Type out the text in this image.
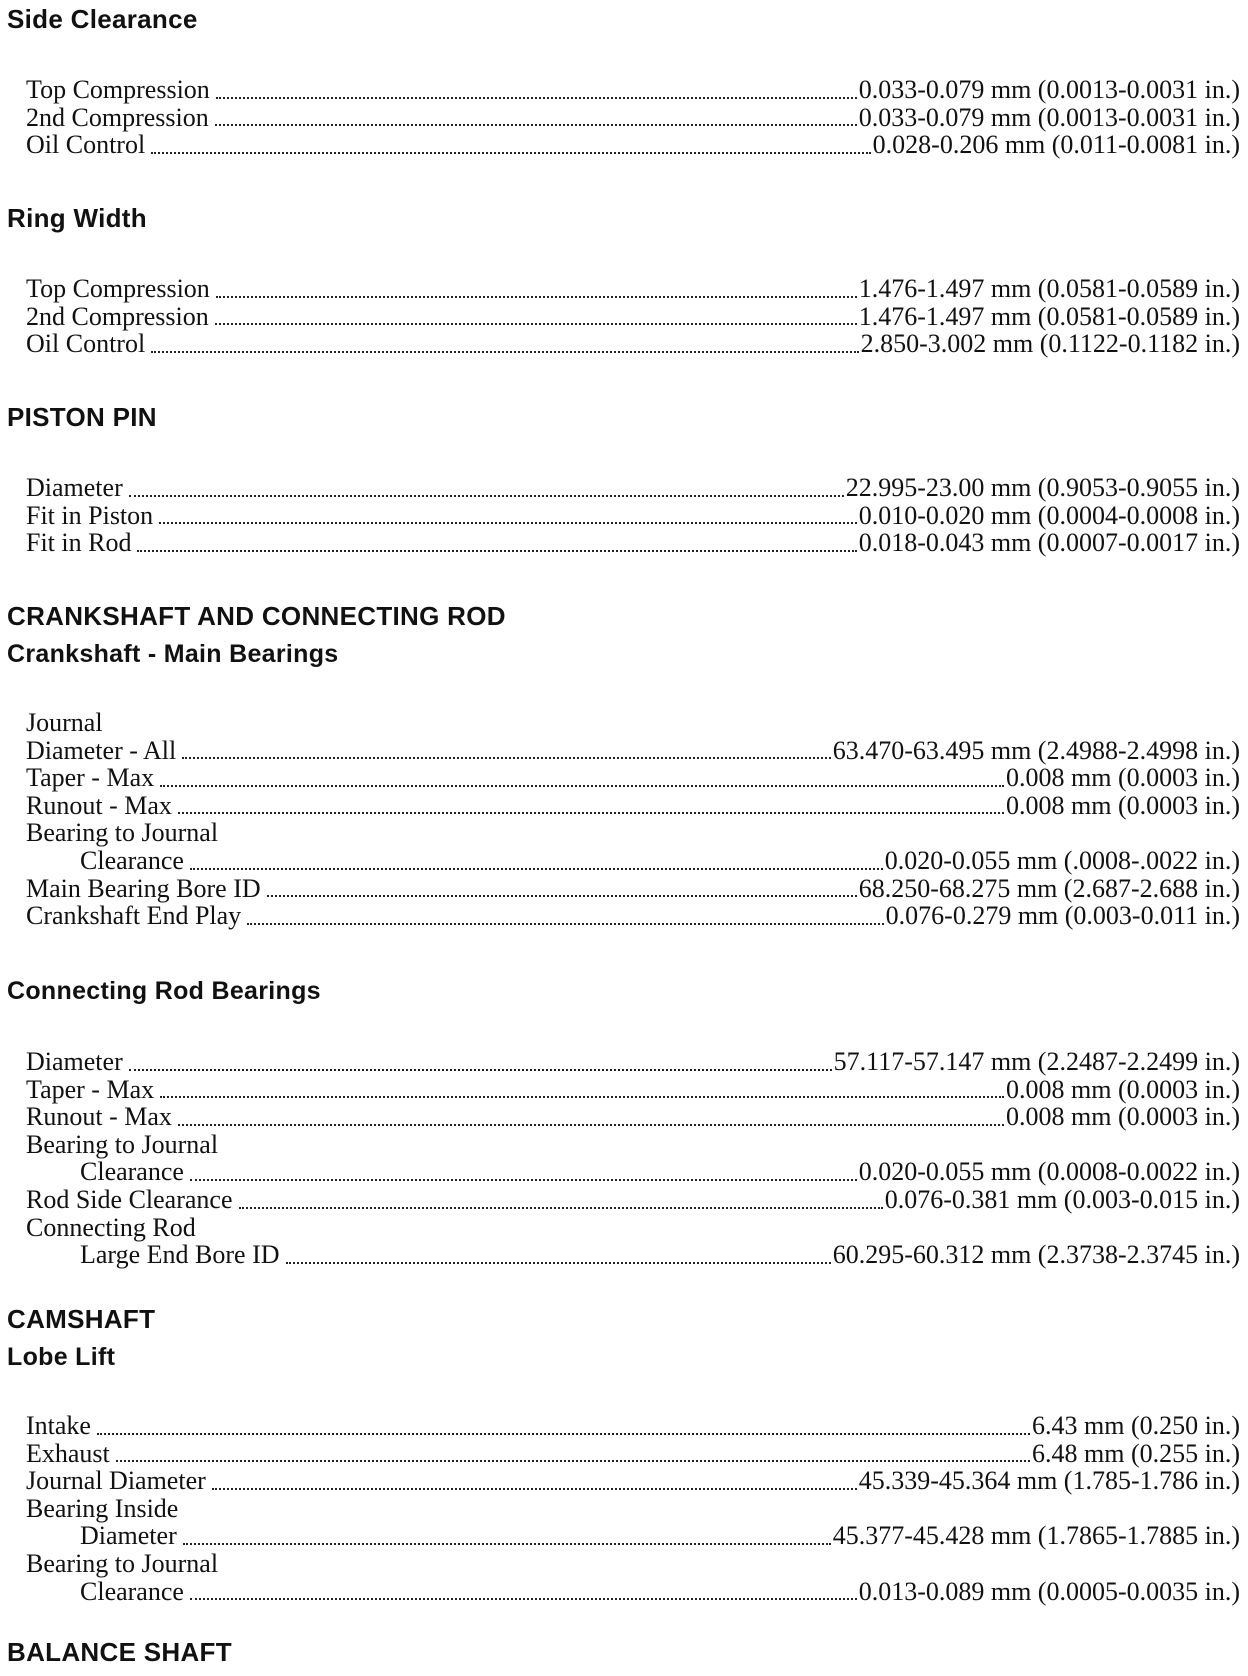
Side Clearance
Top Compression	0.033-0.079 mm (0.0013-0.0031 in.)
2nd Compression	0.033-0.079 mm (0.0013-0.0031 in.)
Oil Control	0.028-0.206 mm (0.011-0.0081 in.)
Ring Width
Top Compression	1.476-1.497 mm (0.0581-0.0589 in.)
2nd Compression	1.476-1.497 mm (0.0581-0.0589 in.)
Oil Control	2.850-3.002 mm (0.1122-0.1182 in.)
PISTON PIN
Diameter	22.995-23.00 mm (0.9053-0.9055 in.)
Fit in Piston	0.010-0.020 mm (0.0004-0.0008 in.)
Fit in Rod	0.018-0.043 mm (0.0007-0.0017 in.)
CRANKSHAFT AND CONNECTING ROD
Crankshaft - Main Bearings
Journal
Diameter - All	63.470-63.495 mm (2.4988-2.4998 in.)
Taper - Max	0.008 mm (0.0003 in.)
Runout - Max	0.008 mm (0.0003 in.)
Bearing to Journal
Clearance	0.020-0.055 mm (.0008-.0022 in.)
Main Bearing Bore ID	68.250-68.275 mm (2.687-2.688 in.)
Crankshaft End Play	0.076-0.279 mm (0.003-0.011 in.)
Connecting Rod Bearings
Diameter	57.117-57.147 mm (2.2487-2.2499 in.)
Taper - Max	0.008 mm (0.0003 in.)
Runout - Max	0.008 mm (0.0003 in.)
Bearing to Journal
Clearance	0.020-0.055 mm (0.0008-0.0022 in.)
Rod Side Clearance	0.076-0.381 mm (0.003-0.015 in.)
Connecting Rod
Large End Bore ID	60.295-60.312 mm (2.3738-2.3745 in.)
CAMSHAFT
Lobe Lift
Intake	6.43 mm (0.250 in.)
Exhaust	6.48 mm (0.255 in.)
Journal Diameter	45.339-45.364 mm (1.785-1.786 in.)
Bearing Inside
Diameter	45.377-45.428 mm (1.7865-1.7885 in.)
Bearing to Journal
Clearance	0.013-0.089 mm (0.0005-0.0035 in.)
BALANCE SHAFT
